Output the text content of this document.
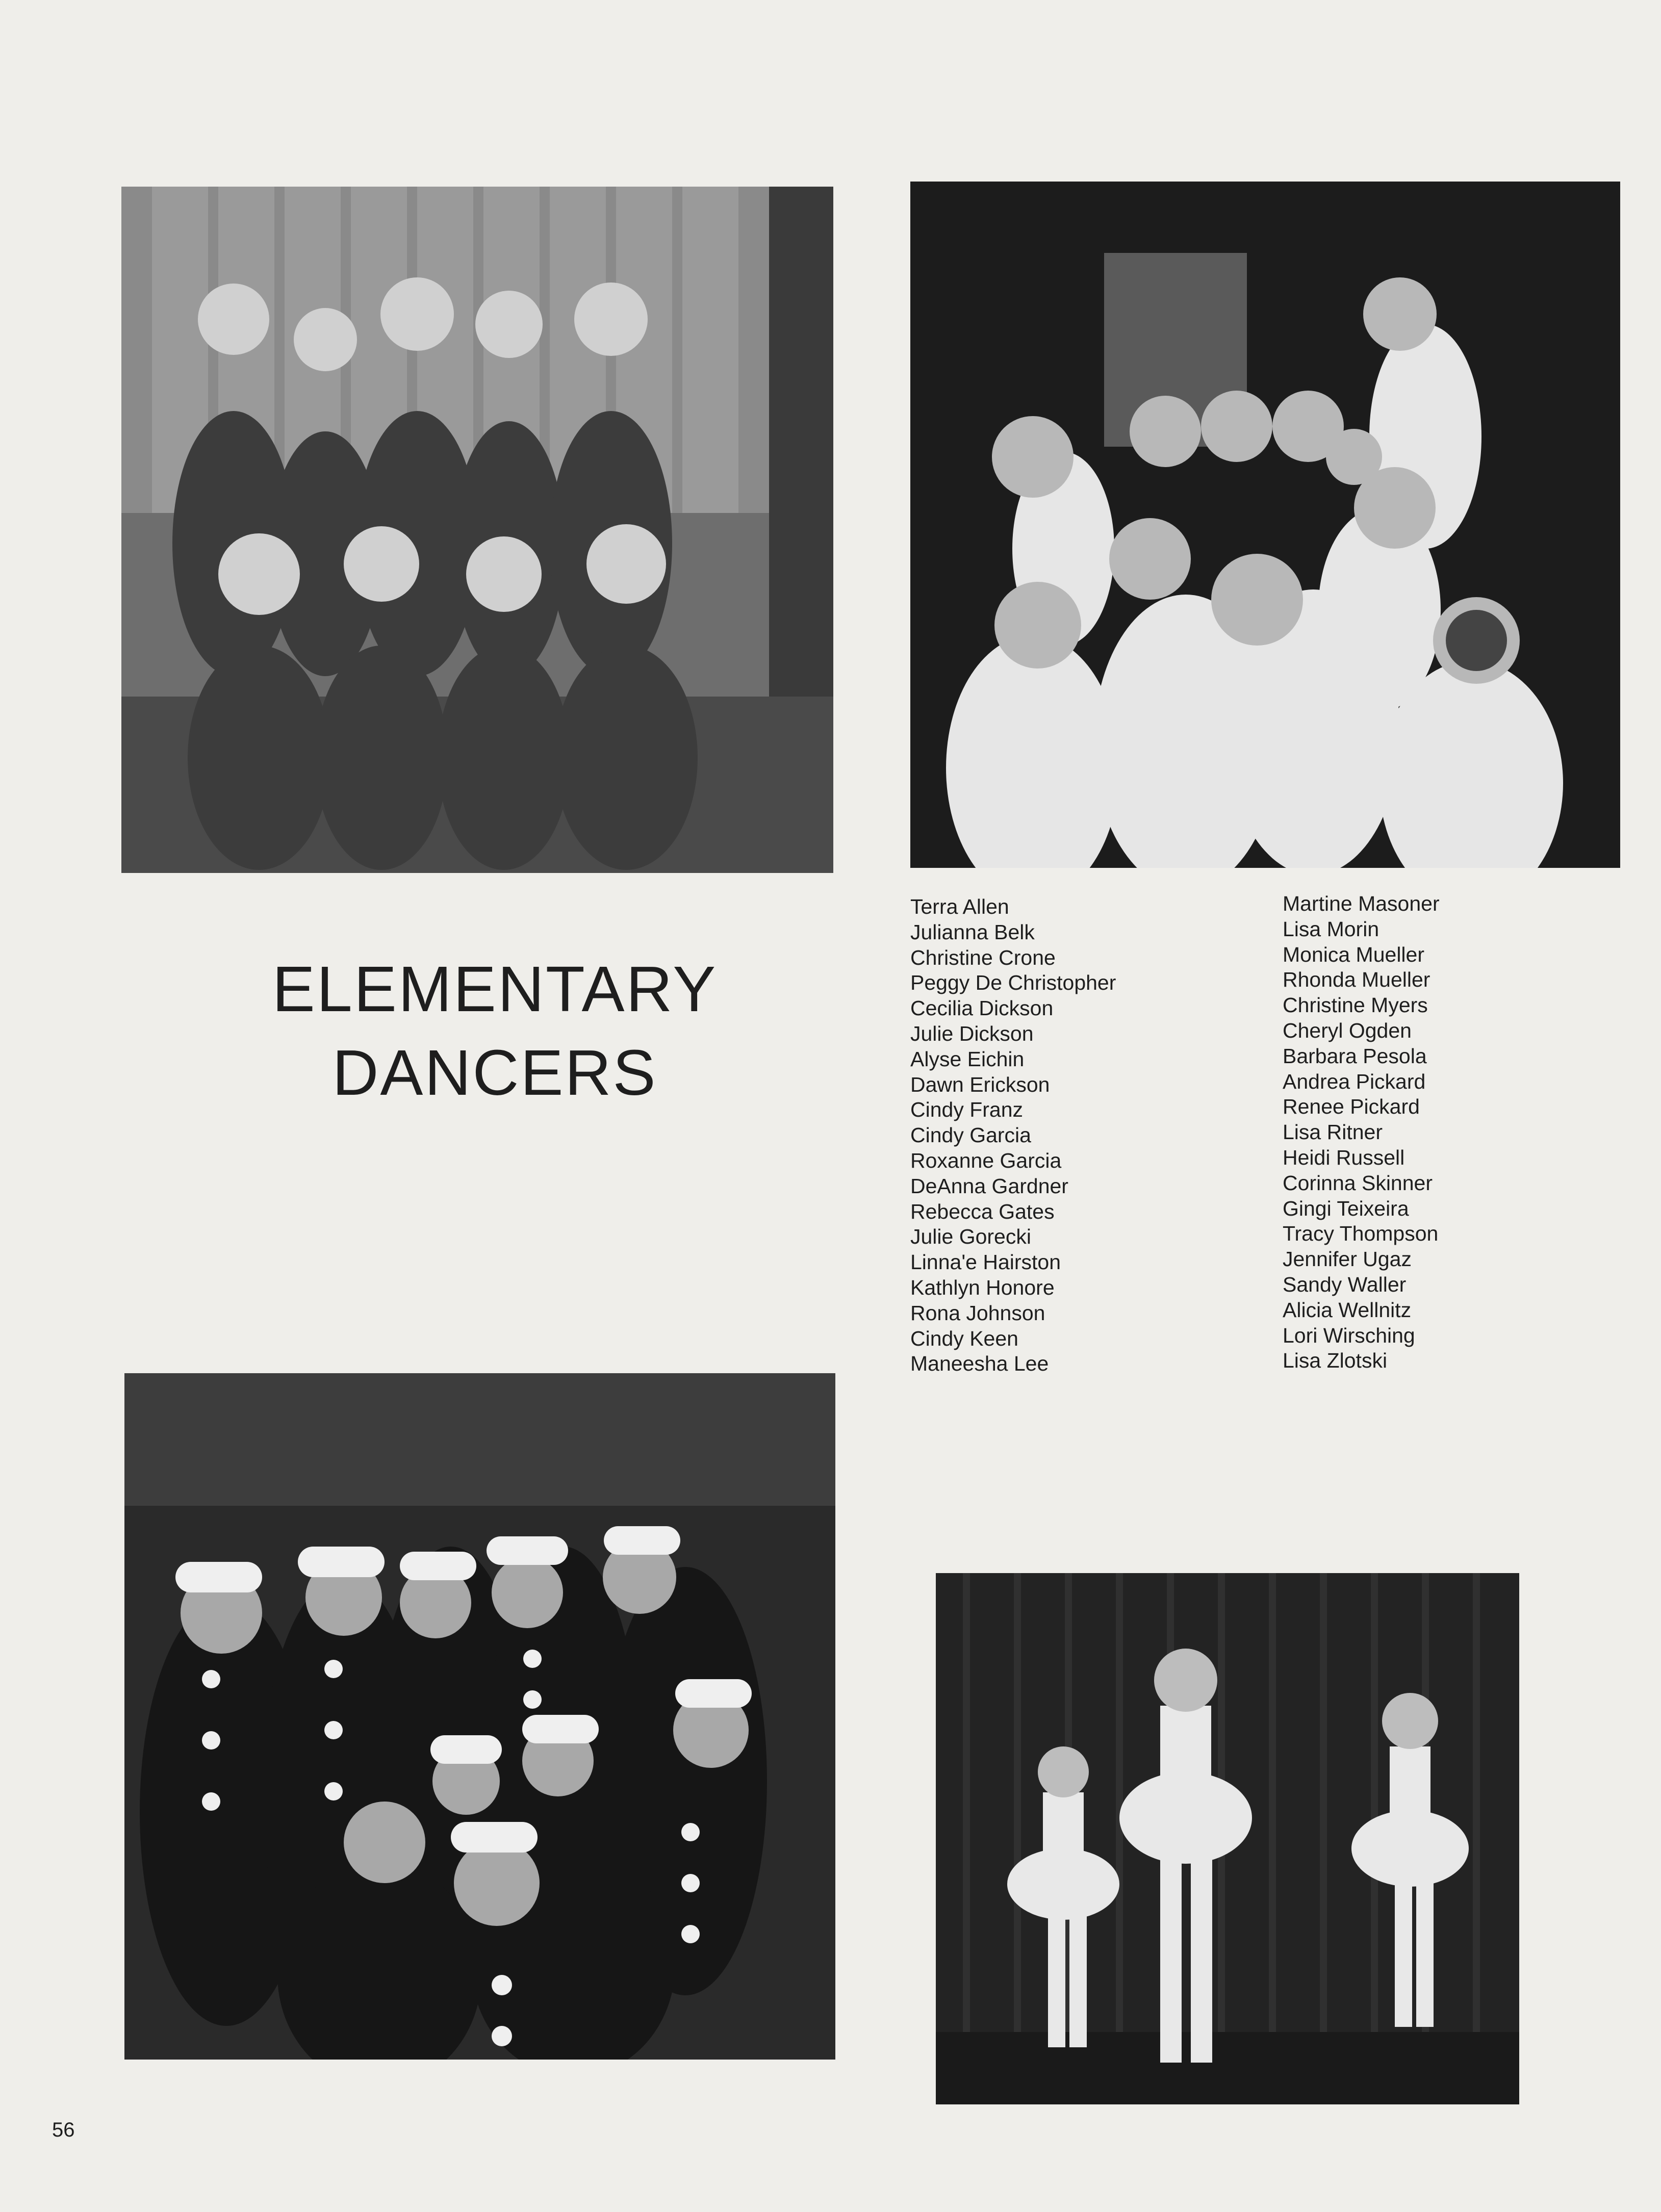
ELEMENTARY
DANCERS
Terra Allen
Julianna Belk
Christine Crone
Peggy De Christopher
Cecilia Dickson
Julie Dickson
Alyse Eichin
Dawn Erickson
Cindy Franz
Cindy Garcia
Roxanne Garcia
DeAnna Gardner
Rebecca Gates
Julie Gorecki
Linna'e Hairston
Kathlyn Honore
Rona Johnson
Cindy Keen
Maneesha Lee
Martine Masoner
Lisa Morin
Monica Mueller
Rhonda Mueller
Christine Myers
Cheryl Ogden
Barbara Pesola
Andrea Pickard
Renee Pickard
Lisa Ritner
Heidi Russell
Corinna Skinner
Gingi Teixeira
Tracy Thompson
Jennifer Ugaz
Sandy Waller
Alicia Wellnitz
Lori Wirsching
Lisa Zlotski
56
